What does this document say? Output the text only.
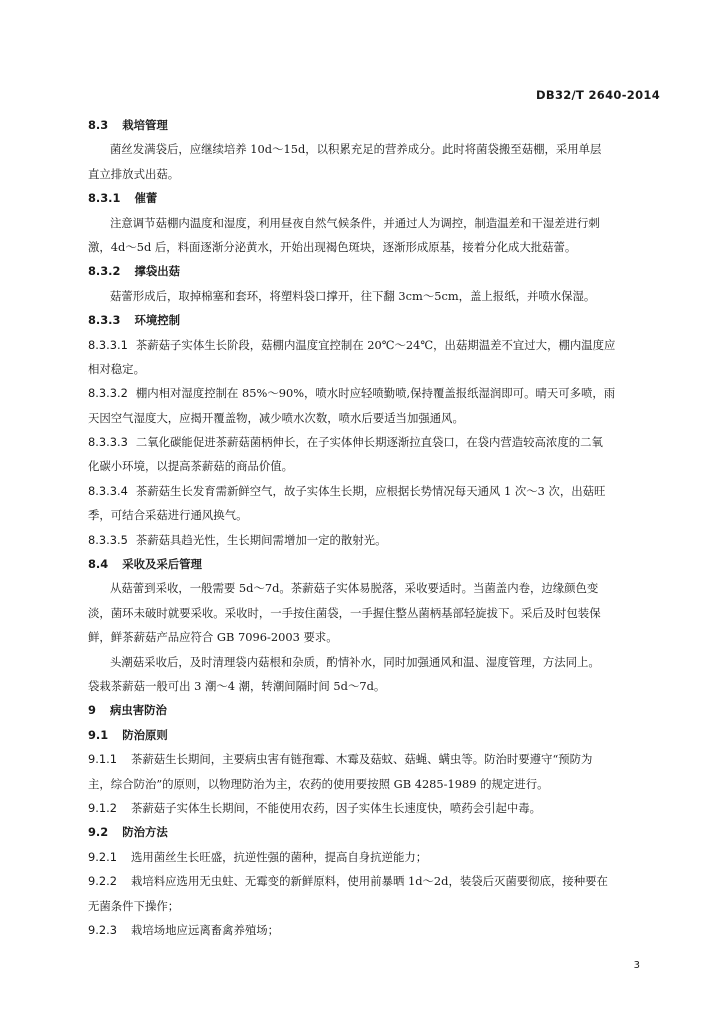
DB32/T 2640-2014
8.3 栽培管理
菌丝发满袋后，应继续培养 10d～15d，以积累充足的营养成分。此时将菌袋搬至菇棚，采用单层
直立排放式出菇。
8.3.1 催蕾
注意调节菇棚内温度和湿度，利用昼夜自然气候条件，并通过人为调控，制造温差和干湿差进行刺
激，4d～5d 后，料面逐渐分泌黄水，开始出现褐色斑块，逐渐形成原基，接着分化成大批菇蕾。
8.3.2 撑袋出菇
菇蕾形成后，取掉棉塞和套环，将塑料袋口撑开，往下翻 3cm～5cm，盖上报纸，并喷水保湿。
8.3.3 环境控制
8.3.3.1 茶薪菇子实体生长阶段，菇棚内温度宜控制在 20℃～24℃，出菇期温差不宜过大，棚内温度应
相对稳定。
8.3.3.2 棚内相对湿度控制在 85%～90%，喷水时应轻喷勤喷,保持覆盖报纸湿润即可。晴天可多喷，雨
天因空气湿度大，应揭开覆盖物，减少喷水次数，喷水后要适当加强通风。
8.3.3.3 二氧化碳能促进茶薪菇菌柄伸长，在子实体伸长期逐渐拉直袋口，在袋内营造较高浓度的二氧
化碳小环境，以提高茶薪菇的商品价值。
8.3.3.4 茶薪菇生长发育需新鲜空气，故子实体生长期，应根据长势情况每天通风 1 次～3 次，出菇旺
季，可结合采菇进行通风换气。
8.3.3.5 茶薪菇具趋光性，生长期间需增加一定的散射光。
8.4 采收及采后管理
从菇蕾到采收，一般需要 5d～7d。茶薪菇子实体易脱落，采收要适时。当菌盖内卷，边缘颜色变
淡，菌环未破时就要采收。采收时，一手按住菌袋，一手握住整丛菌柄基部轻旋拔下。采后及时包装保
鲜，鲜茶薪菇产品应符合 GB 7096-2003 要求。
头潮菇采收后，及时清理袋内菇根和杂质，酌情补水，同时加强通风和温、湿度管理，方法同上。
袋栽茶薪菇一般可出 3 潮～4 潮，转潮间隔时间 5d～7d。
9 病虫害防治
9.1 防治原则
9.1.1 茶薪菇生长期间，主要病虫害有链孢霉、木霉及菇蚊、菇蝇、螨虫等。防治时要遵守“预防为
主，综合防治”的原则，以物理防治为主，农药的使用要按照 GB 4285-1989 的规定进行。
9.1.2 茶薪菇子实体生长期间，不能使用农药，因子实体生长速度快，喷药会引起中毒。
9.2 防治方法
9.2.1 选用菌丝生长旺盛，抗逆性强的菌种，提高自身抗逆能力；
9.2.2 栽培料应选用无虫蛀、无霉变的新鲜原料，使用前暴晒 1d～2d，装袋后灭菌要彻底，接种要在
无菌条件下操作；
9.2.3 栽培场地应远离畜禽养殖场；
3
